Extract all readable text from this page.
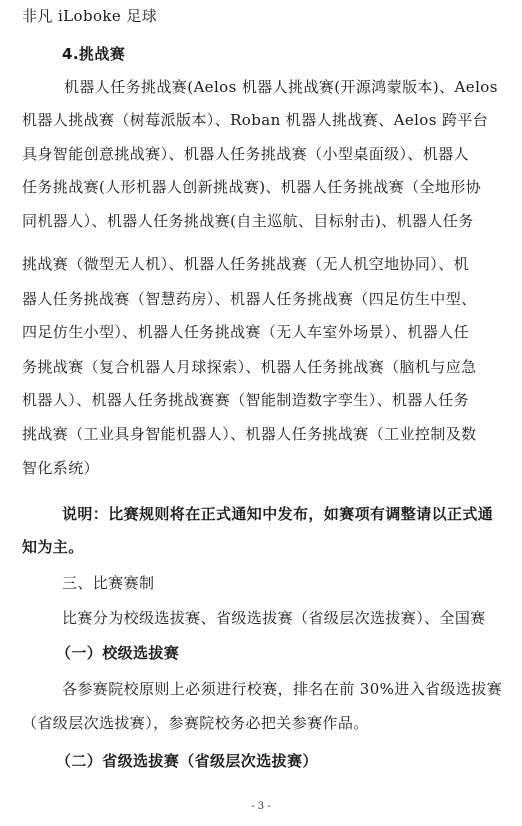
非凡 iLoboke 足球
4.挑战赛
机器人任务挑战赛(Aelos 机器人挑战赛(开源鸿蒙版本)、Aelos
机器人挑战赛（树莓派版本）、Roban 机器人挑战赛、Aelos 跨平台
具身智能创意挑战赛）、机器人任务挑战赛（小型桌面级）、机器人
任务挑战赛(人形机器人创新挑战赛)、机器人任务挑战赛（全地形协
同机器人）、机器人任务挑战赛(自主巡航、目标射击)、机器人任务
挑战赛（微型无人机）、机器人任务挑战赛（无人机空地协同）、机
器人任务挑战赛（智慧药房）、机器人任务挑战赛（四足仿生中型、
四足仿生小型）、机器人任务挑战赛（无人车室外场景）、机器人任
务挑战赛（复合机器人月球探索）、机器人任务挑战赛（脑机与应急
机器人）、机器人任务挑战赛赛（智能制造数字孪生）、机器人任务
挑战赛（工业具身智能机器人）、机器人任务挑战赛（工业控制及数
智化系统）
说明：比赛规则将在正式通知中发布，如赛项有调整请以正式通
知为主。
三、比赛赛制
比赛分为校级选拔赛、省级选拔赛（省级层次选拔赛）、全国赛
（一）校级选拔赛
各参赛院校原则上必须进行校赛，排名在前 30%进入省级选拔赛
（省级层次选拔赛），参赛院校务必把关参赛作品。
（二）省级选拔赛（省级层次选拔赛）
- 3 -
